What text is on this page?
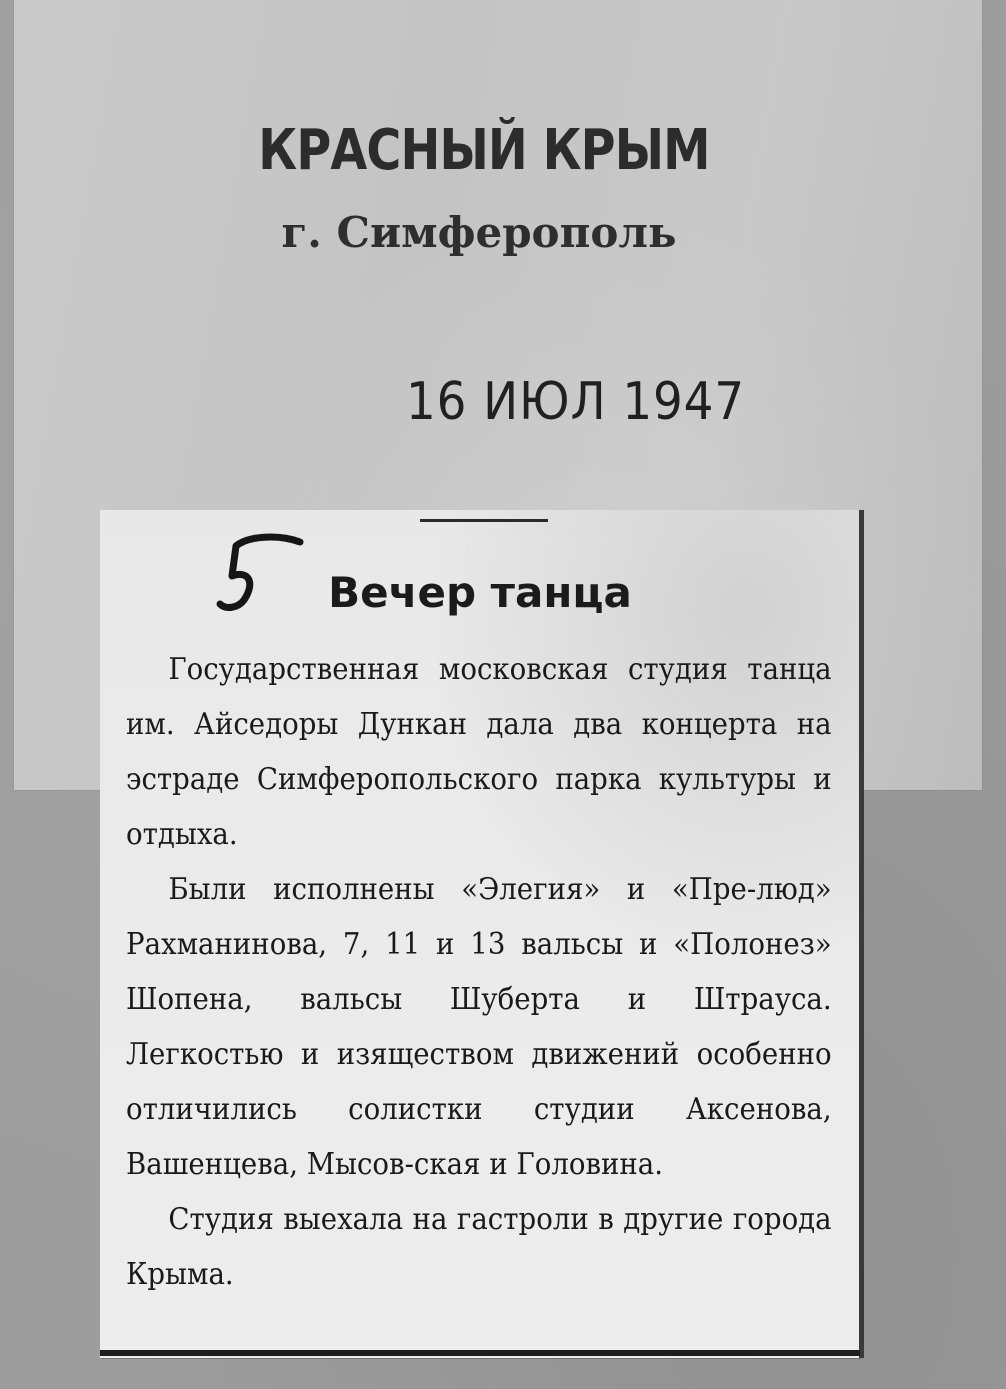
КРАСНЫЙ КРЫМ
г. Симферополь
16 ИЮЛ 1947
Вечер танца

Государственная московская студия танца им. Айседоры Дункан дала два концерта на эстраде Симферопольского парка культуры и отдыха.

Были исполнены «Элегия» и «Пре-люд» Рахманинова, 7, 11 и 13 вальсы и «Полонез» Шопена, вальсы Шуберта и Штрауса. Легкостью и изяществом движений особенно отличились солистки студии Аксенова, Вашенцева, Мысов-ская и Головина.

Студия выехала на гастроли в другие города Крыма.
